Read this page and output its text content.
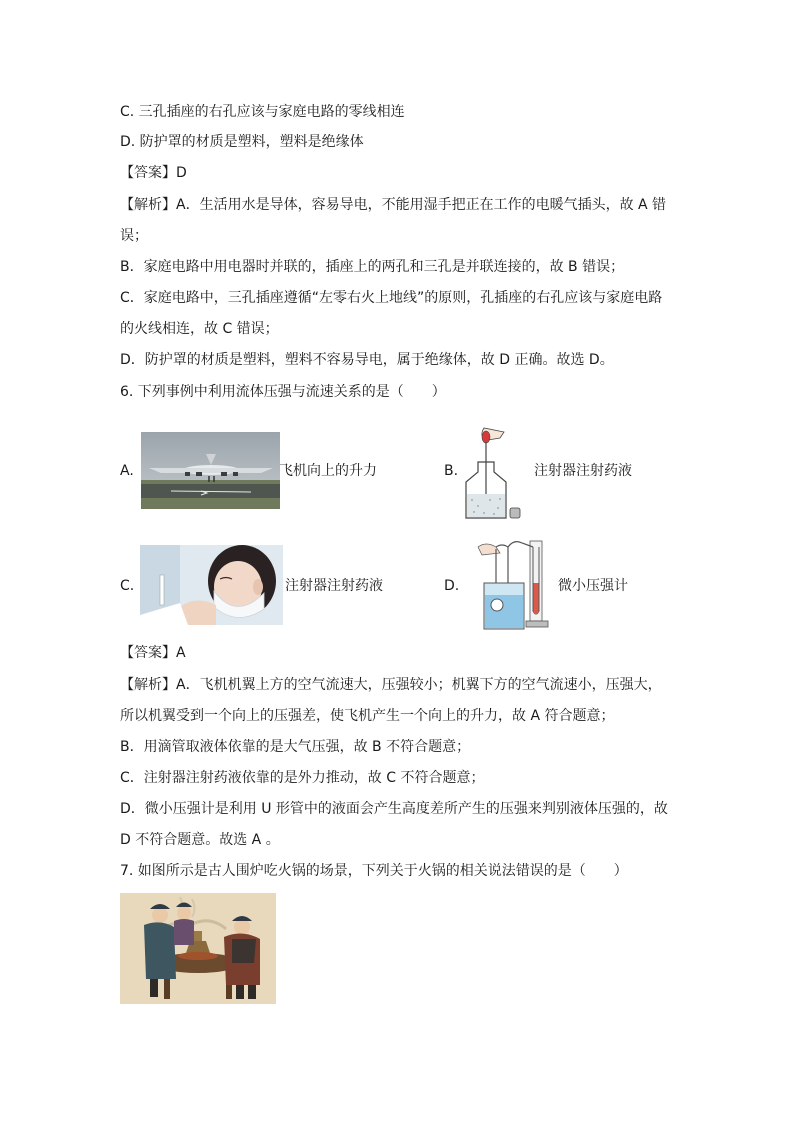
C. 三孔插座的右孔应该与家庭电路的零线相连
D. 防护罩的材质是塑料，塑料是绝缘体
【答案】D
【解析】A．生活用水是导体，容易导电，不能用湿手把正在工作的电暖气插头，故 A 错
误；
B．家庭电路中用电器时并联的，插座上的两孔和三孔是并联连接的，故 B 错误；
C．家庭电路中，三孔插座遵循“左零右火上地线”的原则，孔插座的右孔应该与家庭电路
的火线相连，故 C 错误；
D．防护罩的材质是塑料，塑料不容易导电，属于绝缘体，故 D 正确。故选 D。
6. 下列事例中利用流体压强与流速关系的是（　　）
A.	飞机向上的升力	B.	注射器注射药液
C.	注射器注射药液	D.	微小压强计
【答案】A
【解析】A．飞机机翼上方的空气流速大，压强较小；机翼下方的空气流速小，压强大，
所以机翼受到一个向上的压强差，使飞机产生一个向上的升力，故 A 符合题意；
B．用滴管取液体依靠的是大气压强，故 B 不符合题意；
C．注射器注射药液依靠的是外力推动，故 C 不符合题意；
D．微小压强计是利用 U 形管中的液面会产生高度差所产生的压强来判别液体压强的，故
D 不符合题意。故选 A 。
7. 如图所示是古人围炉吃火锅的场景，下列关于火锅的相关说法错误的是（　　）
